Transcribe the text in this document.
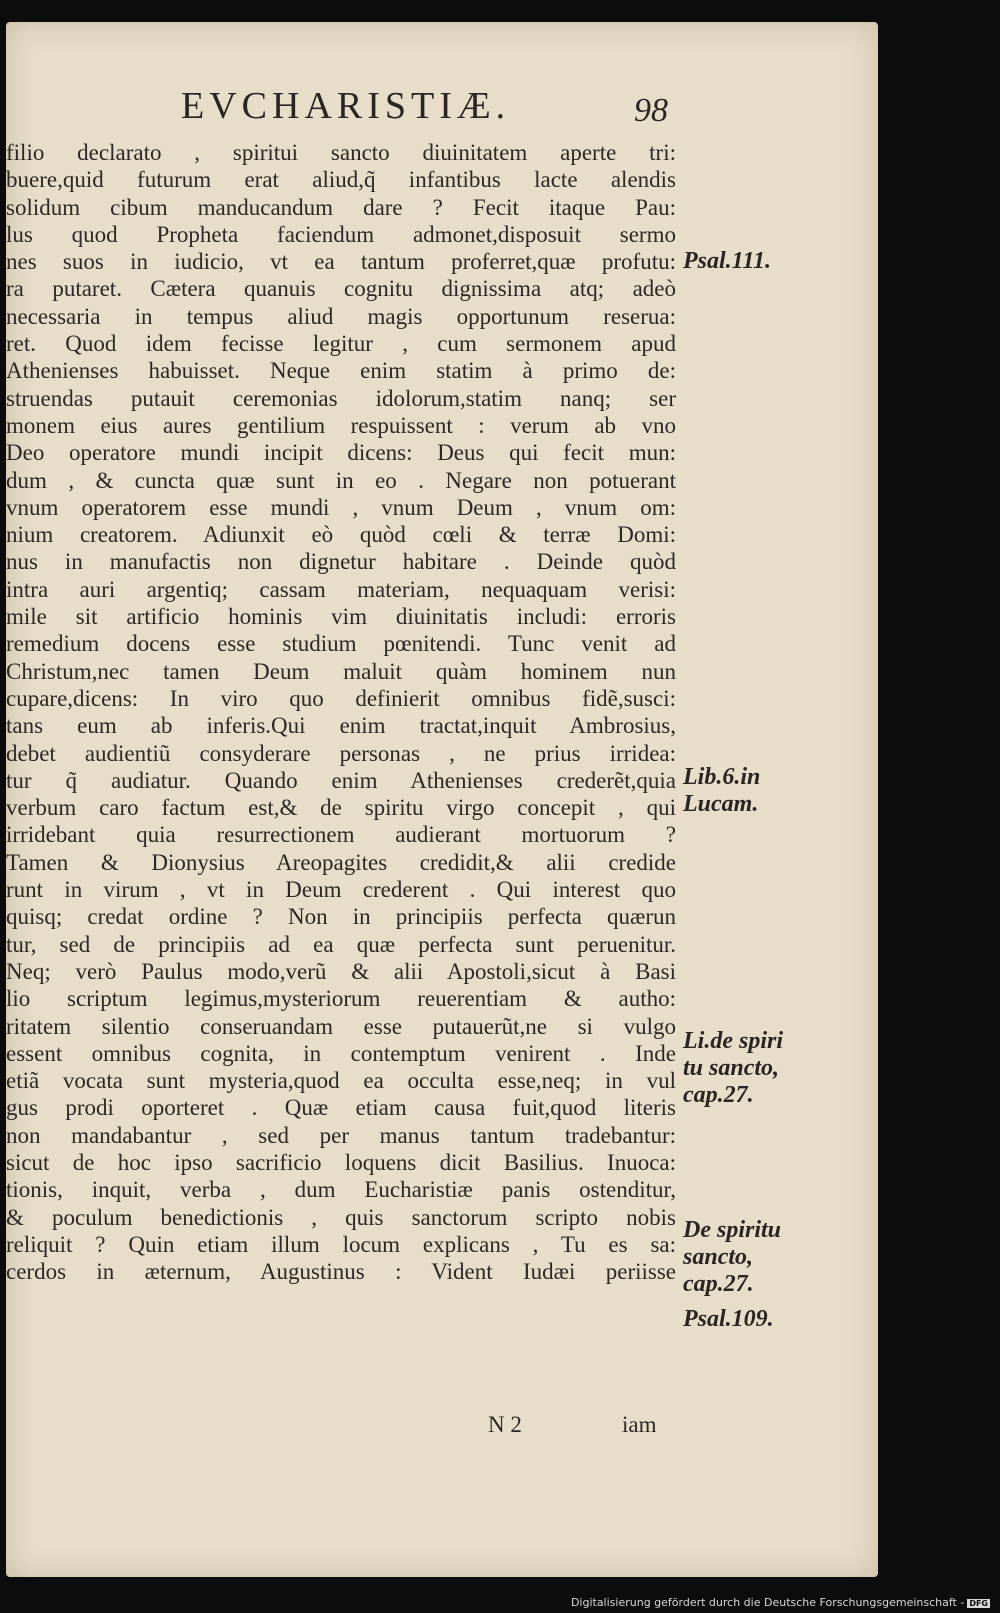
EVCHARISTIÆ.	98
filio declarato , spiritui sancto diuinitatem aperte tri:
buere,quid futurum erat aliud,q̃ infantibus lacte alendis
solidum cibum manducandum dare ? Fecit itaque Pau:
lus quod Propheta faciendum admonet,disposuit sermo
nes suos in iudicio, vt ea tantum proferret,quæ profutu:
ra putaret. Cætera quanuis cognitu dignissima atq; adeò
necessaria in tempus aliud magis opportunum reserua:
ret. Quod idem fecisse legitur , cum sermonem apud
Athenienses habuisset. Neque enim statim à primo de:
struendas putauit ceremonias idolorum,statim nanq; ser
monem eius aures gentilium respuissent : verum ab vno
Deo operatore mundi incipit dicens: Deus qui fecit mun:
dum , & cuncta quæ sunt in eo . Negare non potuerant
vnum operatorem esse mundi , vnum Deum , vnum om:
nium creatorem. Adiunxit eò quòd cœli & terræ Domi:
nus in manufactis non dignetur habitare . Deinde quòd
intra auri argentiq; cassam materiam, nequaquam verisi:
mile sit artificio hominis vim diuinitatis includi: erroris
remedium docens esse studium pœnitendi. Tunc venit ad
Christum,nec tamen Deum maluit quàm hominem nun
cupare,dicens: In viro quo definierit omnibus fidẽ,susci:
tans eum ab inferis.Qui enim tractat,inquit Ambrosius,
debet audientiũ consyderare personas , ne prius irridea:
tur q̃ audiatur. Quando enim Athenienses crederẽt,quia
verbum caro factum est,& de spiritu virgo concepit , qui
irridebant quia resurrectionem audierant mortuorum ?
Tamen & Dionysius Areopagites credidit,& alii credide
runt in virum , vt in Deum crederent . Qui interest quo
quisq; credat ordine ? Non in principiis perfecta quærun
tur, sed de principiis ad ea quæ perfecta sunt peruenitur.
Neq; verò Paulus modo,verũ & alii Apostoli,sicut à Basi
lio scriptum legimus,mysteriorum reuerentiam & autho:
ritatem silentio conseruandam esse putauerũt,ne si vulgo
essent omnibus cognita, in contemptum venirent . Inde
etiã vocata sunt mysteria,quod ea occulta esse,neq; in vul
gus prodi oporteret . Quæ etiam causa fuit,quod literis
non mandabantur , sed per manus tantum tradebantur:
sicut de hoc ipso sacrificio loquens dicit Basilius. Inuoca:
tionis, inquit, verba , dum Eucharistiæ panis ostenditur,
& poculum benedictionis , quis sanctorum scripto nobis
reliquit ? Quin etiam illum locum explicans , Tu es sa:
cerdos in æternum, Augustinus : Vident Iudæi periisse
Psal.111.
Lib.6.in
Lucam.
Li.de spiri
tu sancto,
cap.27.
De spiritu
sancto,
cap.27.
Psal.109.
N 2	iam
Digitalisierung gefördert durch die Deutsche Forschungsgemeinschaft - DFG
